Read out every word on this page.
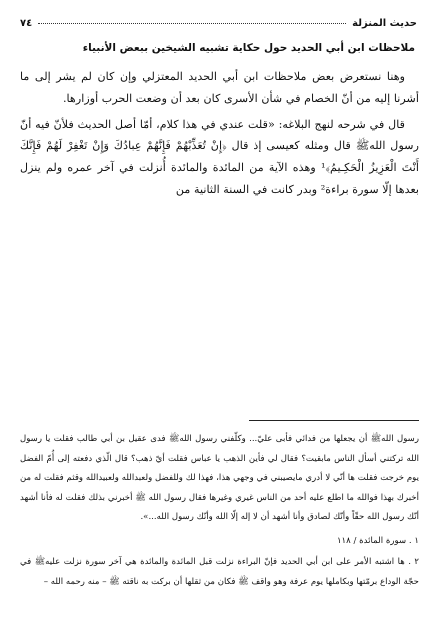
حديث المنزلة
٧٤
ملاحظات ابن أبي الحديد حول حكاية تشبيه الشيخين ببعض الأنبياء

وهنا نستعرض بعض ملاحظات ابن أبي الحديد المعتزلي وإن كان لم يشر إلى ما أشرنا إليه من أنّ الخصام في شأن الأسرى كان بعد أن وضعت الحرب أوزارها.

قال في شرحه لنهج البلاغه: «قلت عندي في هذا كلام، أمّا أصل الحديث فلأنّ فيه أنّ رسول اللهﷺ قال ومثله كعيسى إذ قال ﴿إِنْ تُعَذِّبْهُمْ فَإِنَّهُمْ عِبادُكَ وَإِنْ تَغْفِرْ لَهُمْ فَإِنَّكَ أَنْتَ الْعَزِيزُ الْحَكِـيمُ﴾¹ وهذه الآية من المائدة والمائدة أُنزلت في آخر عمره ولم ينزل بعدها إلّا سورة براءة² وبدر كانت في السنة الثانية من

رسول اللهﷺ أن يجعلها من فدائي فأبى عليّ... وكلّفني رسول اللهﷺ فدى عقيل بن أبي طالب فقلت يا رسول الله تركتني أسأل الناس مابقيت؟ فقال لي فأين الذهب يا عباس فقلت أيّ ذهب؟ قال الّذي دفعته إلى أُمّ الفضل يوم خرجت فقلت ها أنّي لا أدري مايصيبني في وجهي هذا، فهذا لك وللفضل ولعبدالله ولعبيدالله وقثم فقلت له من أخبرك بهذا فوالله ما اطلع عليه أحد من الناس غيري وغيرها فقال رسول الله ﷺ أخبرني بذلك فقلت له فأنا أشهد أنّك رسول الله حقّاً وأنّك لصادق وأنا أشهد أن لا إله إلّا الله وأنّك رسول الله...».
١ . سورة المائدة / ١١٨
٢ . ها اشتبه الأمر على ابن أبي الحديد فإنّ البراءة نزلت قبل المائدة والمائدة هي آخر سورة نزلت عليهﷺ في حجّة الوداع برمّتها وبكاملها يوم عرفة وهو واقف ﷺ فكان من ثقلها أن بركت به ناقته ﷺ – منه رحمه الله –
